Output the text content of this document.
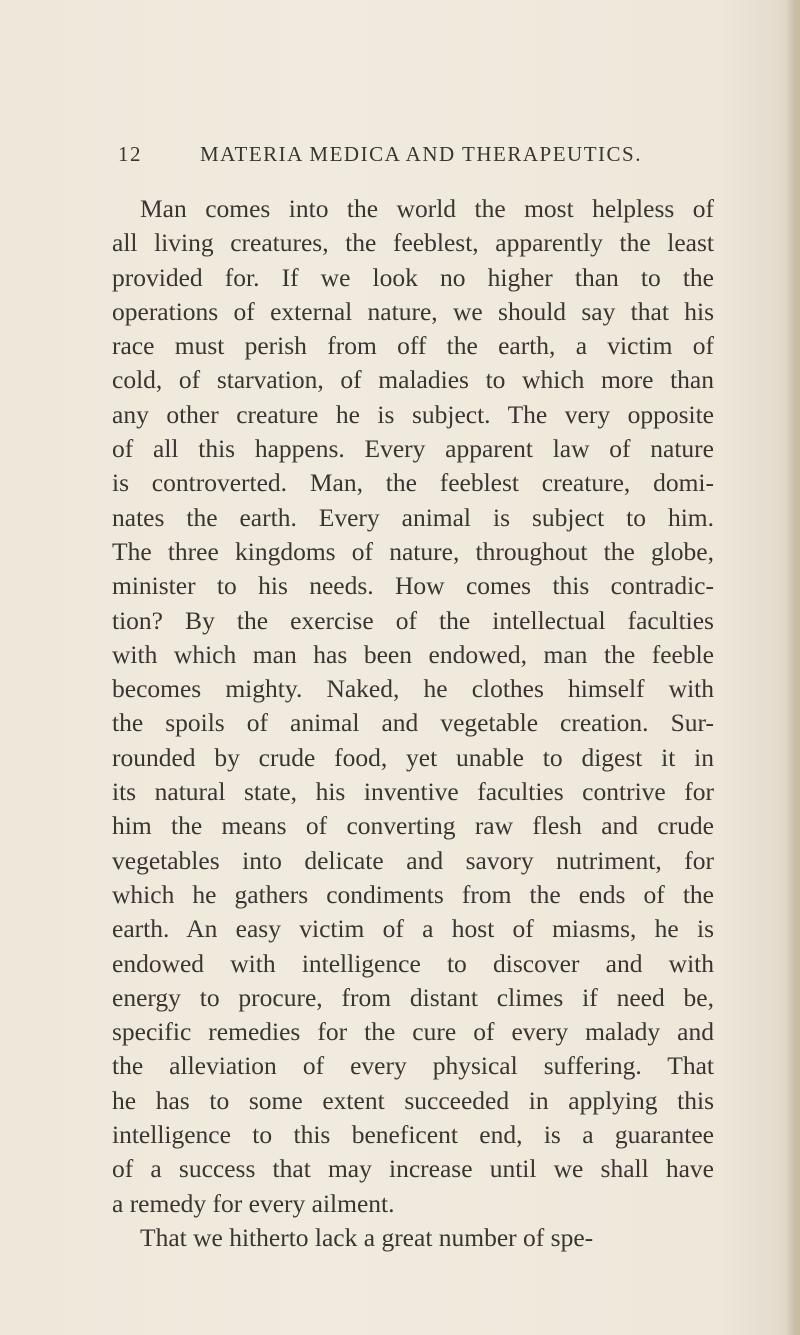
12	MATERIA MEDICA AND THERAPEUTICS.
Man comes into the world the most helpless of
all living creatures, the feeblest, apparently the least
provided for. If we look no higher than to the
operations of external nature, we should say that his
race must perish from off the earth, a victim of
cold, of starvation, of maladies to which more than
any other creature he is subject. The very opposite
of all this happens. Every apparent law of nature
is controverted. Man, the feeblest creature, domi-
nates the earth. Every animal is subject to him.
The three kingdoms of nature, throughout the globe,
minister to his needs. How comes this contradic-
tion? By the exercise of the intellectual faculties
with which man has been endowed, man the feeble
becomes mighty. Naked, he clothes himself with
the spoils of animal and vegetable creation. Sur-
rounded by crude food, yet unable to digest it in
its natural state, his inventive faculties contrive for
him the means of converting raw flesh and crude
vegetables into delicate and savory nutriment, for
which he gathers condiments from the ends of the
earth. An easy victim of a host of miasms, he is
endowed with intelligence to discover and with
energy to procure, from distant climes if need be,
specific remedies for the cure of every malady and
the alleviation of every physical suffering. That
he has to some extent succeeded in applying this
intelligence to this beneficent end, is a guarantee
of a success that may increase until we shall have
a remedy for every ailment.
That we hitherto lack a great number of spe-
